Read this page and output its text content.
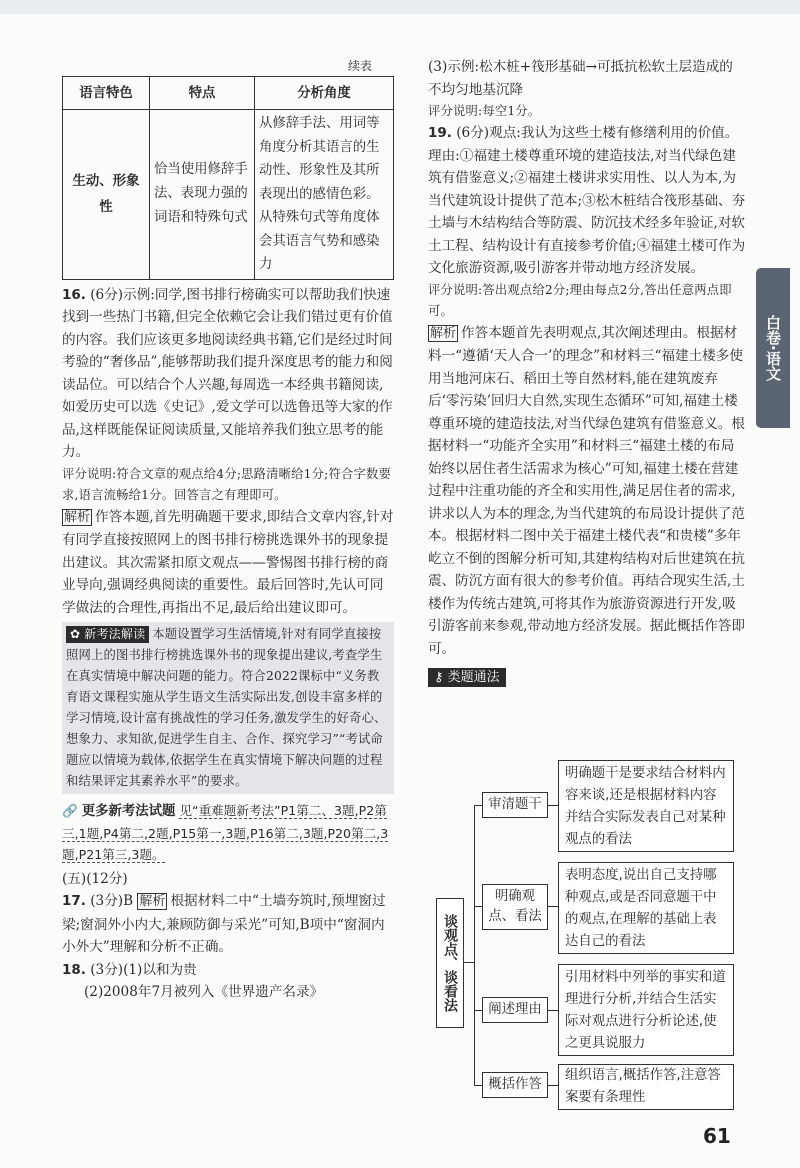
续表
语言特色	特点	分析角度
生动、形象性	恰当使用修辞手法、表现力强的词语和特殊句式	从修辞手法、用词等角度分析其语言的生动性、形象性及其所表现出的感情色彩。从特殊句式等角度体会其语言气势和感染力

16. (6分)示例:同学,图书排行榜确实可以帮助我们快速找到一些热门书籍,但完全依赖它会让我们错过更有价值的内容。我们应该更多地阅读经典书籍,它们是经过时间考验的“奢侈品”,能够帮助我们提升深度思考的能力和阅读品位。可以结合个人兴趣,每周选一本经典书籍阅读,如爱历史可以选《史记》,爱文学可以选鲁迅等大家的作品,这样既能保证阅读质量,又能培养我们独立思考的能力。

评分说明:符合文章的观点给4分;思路清晰给1分;符合字数要求,语言流畅给1分。回答言之有理即可。

解析 作答本题,首先明确题干要求,即结合文章内容,针对有同学直接按照网上的图书排行榜挑选课外书的现象提出建议。其次需紧扣原文观点——警惕图书排行榜的商业导向,强调经典阅读的重要性。最后回答时,先认可同学做法的合理性,再指出不足,最后给出建议即可。

✿ 新考法解读 本题设置学习生活情境,针对有同学直接按照网上的图书排行榜挑选课外书的现象提出建议,考查学生在真实情境中解决问题的能力。符合2022课标中“义务教育语文课程实施从学生语文生活实际出发,创设丰富多样的学习情境,设计富有挑战性的学习任务,激发学生的好奇心、想象力、求知欲,促进学生自主、合作、探究学习”“考试命题应以情境为载体,依据学生在真实情境下解决问题的过程和结果评定其素养水平”的要求。
🔗 更多新考法试题 见“重难题新考法”P1第二、3题,P2第三,1题,P4第二,2题,P15第一,3题,P16第二,3题,P20第二,3题,P21第三,3题。

(五)(12分)

17. (3分)B 解析 根据材料二中“土墙夯筑时,预埋窗过梁;窗洞外小内大,兼顾防御与采光”可知,B项中“窗洞内小外大”理解和分析不正确。

18. (3分)(1)以和为贵

(2)2008年7月被列入《世界遗产名录》

(3)示例:松木桩+筏形基础→可抵抗松软土层造成的不均匀地基沉降

评分说明:每空1分。

19. (6分)观点:我认为这些土楼有修缮利用的价值。理由:①福建土楼尊重环境的建造技法,对当代绿色建筑有借鉴意义;②福建土楼讲求实用性、以人为本,为当代建筑设计提供了范本;③松木桩结合筏形基础、夯土墙与木结构结合等防震、防沉技术经多年验证,对软土工程、结构设计有直接参考价值;④福建土楼可作为文化旅游资源,吸引游客并带动地方经济发展。

评分说明:答出观点给2分;理由每点2分,答出任意两点即可。

解析 作答本题首先表明观点,其次阐述理由。根据材料一“遵循‘天人合一’的理念”和材料三“福建土楼多使用当地河床石、稻田土等自然材料,能在建筑废弃后‘零污染’回归大自然,实现生态循环”可知,福建土楼尊重环境的建造技法,对当代绿色建筑有借鉴意义。根据材料一“功能齐全实用”和材料三“福建土楼的布局始终以居住者生活需求为核心”可知,福建土楼在营建过程中注重功能的齐全和实用性,满足居住者的需求,讲求以人为本的理念,为当代建筑的布局设计提供了范本。根据材料二图中关于福建土楼代表“和贵楼”多年屹立不倒的图解分析可知,其建构结构对后世建筑在抗震、防沉方面有很大的参考价值。再结合现实生活,土楼作为传统古建筑,可将其作为旅游资源进行开发,吸引游客前来参观,带动地方经济发展。据此概括作答即可。

⚷ 类题通法
谈观点、谈看法
审清题干
明确题干是要求结合材料内容来谈,还是根据材料内容并结合实际发表自己对某种观点的看法
明确观点、看法
表明态度,说出自己支持哪种观点,或是否同意题干中的观点,在理解的基础上表达自己的看法
阐述理由
引用材料中列举的事实和道理进行分析,并结合生活实际对观点进行分析论述,使之更具说服力
概括作答
组织语言,概括作答,注意答案要有条理性
白卷·语文
61
